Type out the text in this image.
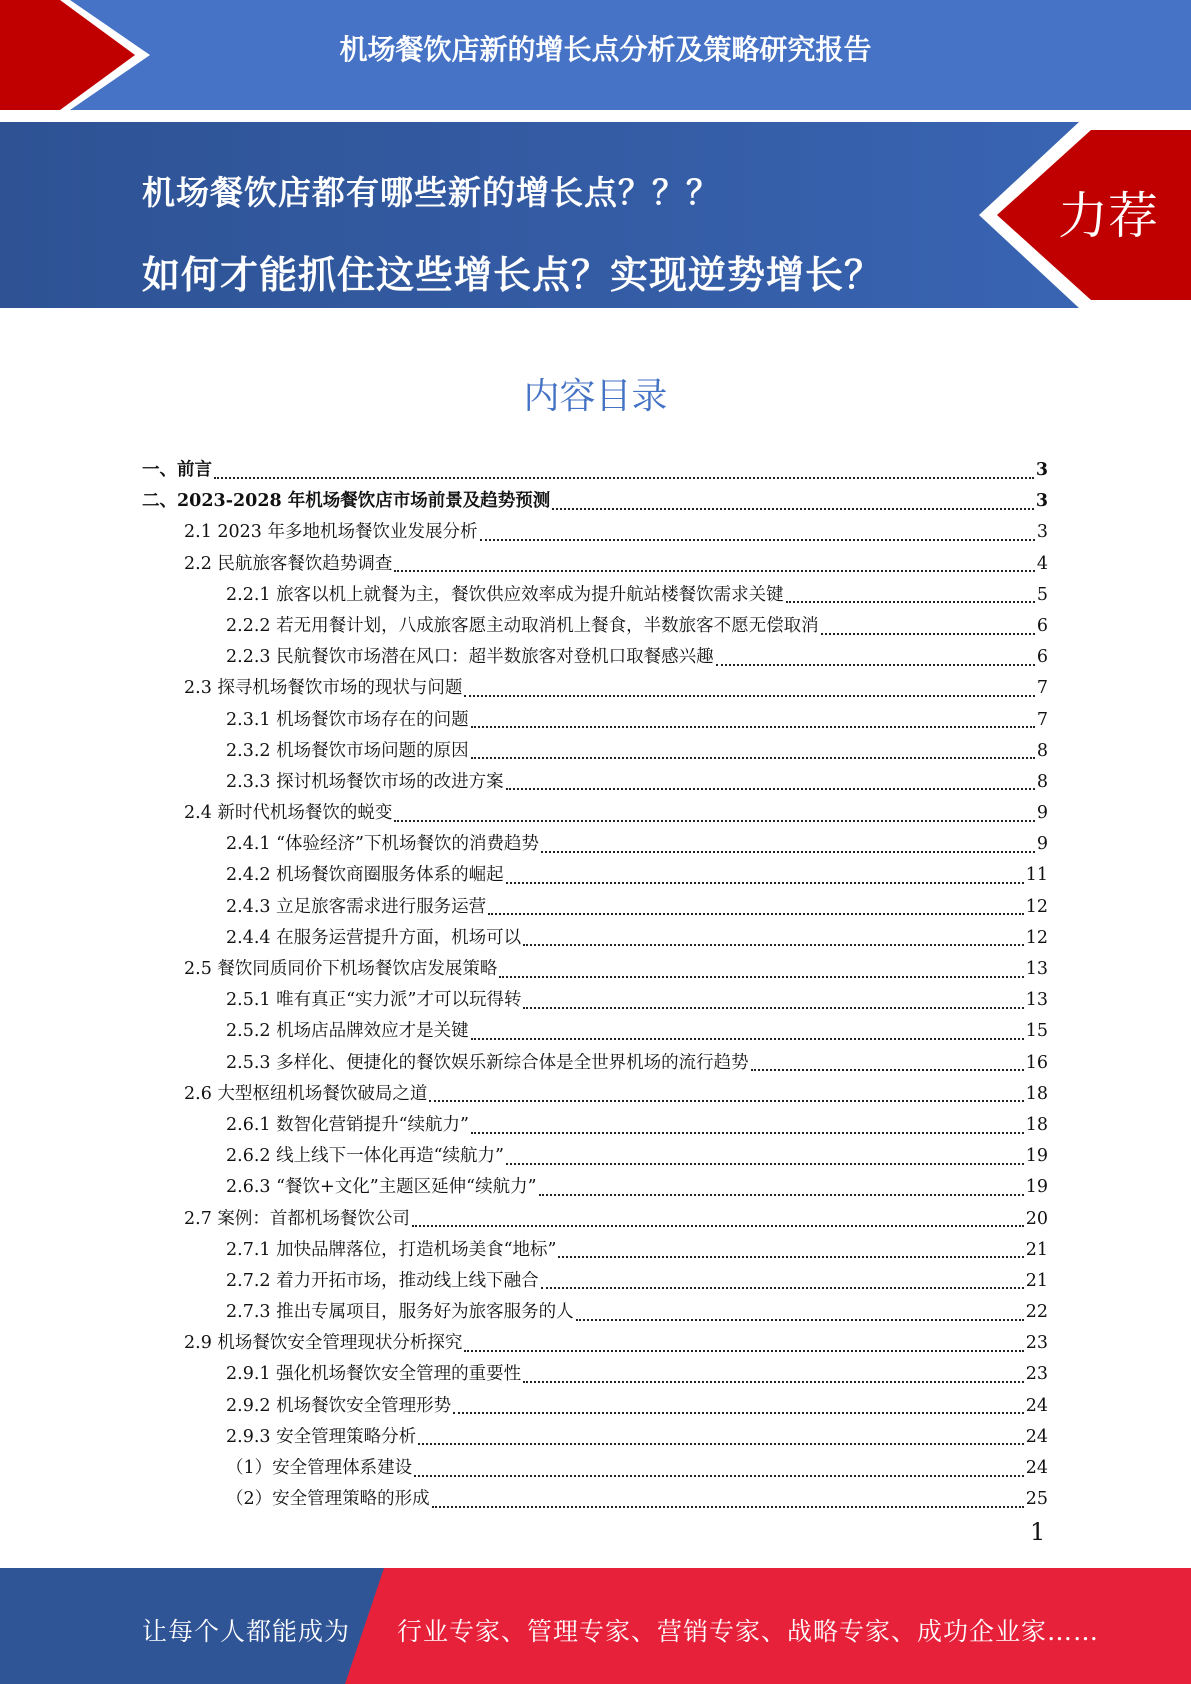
机场餐饮店新的增长点分析及策略研究报告
机场餐饮店都有哪些新的增长点？？？
如何才能抓住这些增长点？实现逆势增长？
力荐
内容目录
一、前言	3
二、2023-2028 年机场餐饮店市场前景及趋势预测	3
2.1 2023 年多地机场餐饮业发展分析	3
2.2 民航旅客餐饮趋势调查	4
2.2.1 旅客以机上就餐为主，餐饮供应效率成为提升航站楼餐饮需求关键	5
2.2.2 若无用餐计划，八成旅客愿主动取消机上餐食，半数旅客不愿无偿取消	6
2.2.3 民航餐饮市场潜在风口：超半数旅客对登机口取餐感兴趣	6
2.3 探寻机场餐饮市场的现状与问题	7
2.3.1 机场餐饮市场存在的问题	7
2.3.2 机场餐饮市场问题的原因	8
2.3.3 探讨机场餐饮市场的改进方案	8
2.4 新时代机场餐饮的蜕变	9
2.4.1 “体验经济”下机场餐饮的消费趋势	9
2.4.2 机场餐饮商圈服务体系的崛起	11
2.4.3 立足旅客需求进行服务运营	12
2.4.4 在服务运营提升方面，机场可以	12
2.5 餐饮同质同价下机场餐饮店发展策略	13
2.5.1 唯有真正“实力派”才可以玩得转	13
2.5.2 机场店品牌效应才是关键	15
2.5.3 多样化、便捷化的餐饮娱乐新综合体是全世界机场的流行趋势	16
2.6 大型枢纽机场餐饮破局之道	18
2.6.1 数智化营销提升“续航力”	18
2.6.2 线上线下一体化再造“续航力”	19
2.6.3 “餐饮+文化”主题区延伸“续航力”	19
2.7 案例：首都机场餐饮公司	20
2.7.1 加快品牌落位，打造机场美食“地标”	21
2.7.2 着力开拓市场，推动线上线下融合	21
2.7.3 推出专属项目，服务好为旅客服务的人	22
2.9 机场餐饮安全管理现状分析探究	23
2.9.1 强化机场餐饮安全管理的重要性	23
2.9.2 机场餐饮安全管理形势	24
2.9.3 安全管理策略分析	24
（1）安全管理体系建设	24
（2）安全管理策略的形成	25
1
让每个人都能成为 行业专家、管理专家、营销专家、战略专家、成功企业家……
